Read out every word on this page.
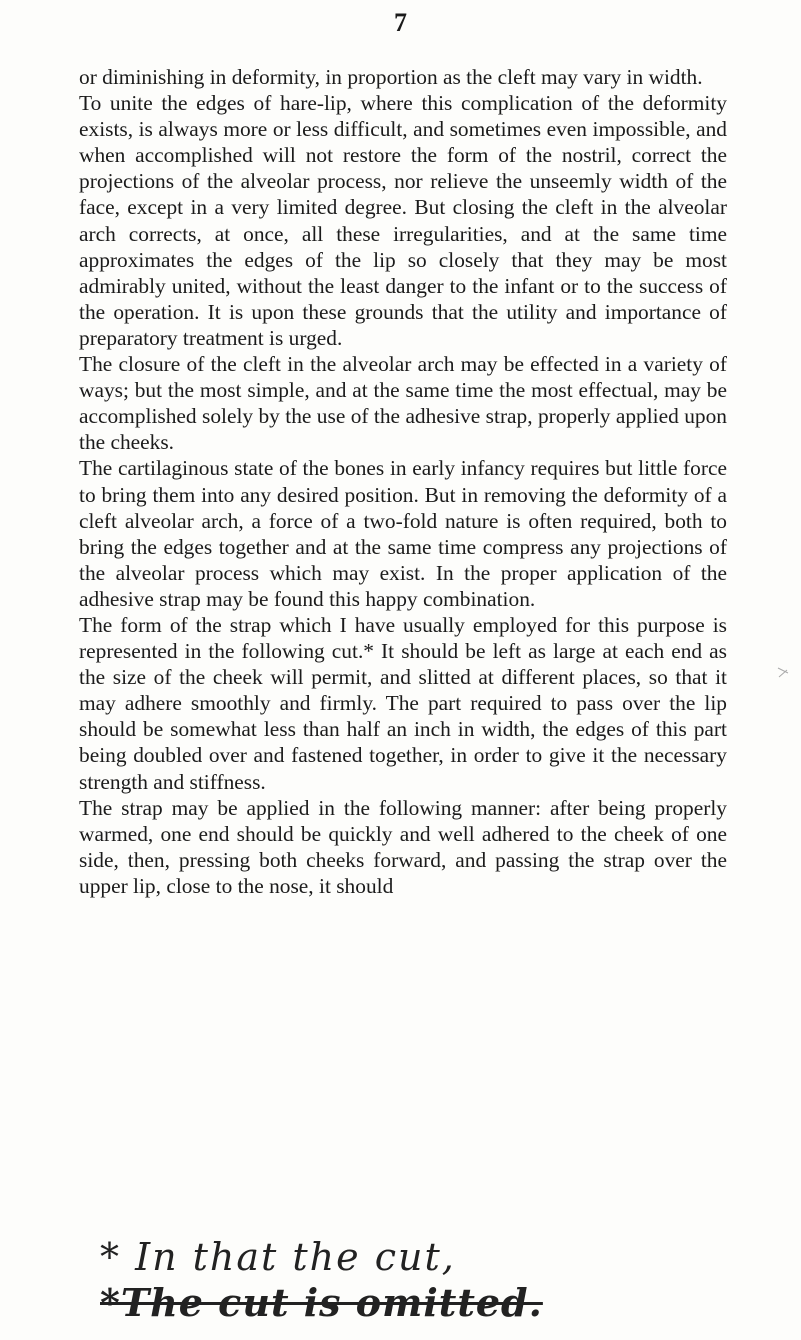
7

or diminishing in deformity, in proportion as the cleft may vary in width.

To unite the edges of hare-lip, where this complication of the deformity exists, is always more or less difficult, and sometimes even impossible, and when accomplished will not restore the form of the nostril, correct the projections of the alveolar process, nor relieve the unseemly width of the face, except in a very limited degree. But closing the cleft in the alveolar arch corrects, at once, all these irregularities, and at the same time approximates the edges of the lip so closely that they may be most admirably united, without the least danger to the infant or to the success of the operation. It is upon these grounds that the utility and importance of preparatory treatment is urged.

The closure of the cleft in the alveolar arch may be effected in a variety of ways; but the most simple, and at the same time the most effectual, may be accomplished solely by the use of the adhesive strap, properly applied upon the cheeks.

The cartilaginous state of the bones in early infancy requires but little force to bring them into any desired position. But in removing the deformity of a cleft alveolar arch, a force of a two-fold nature is often required, both to bring the edges together and at the same time compress any projections of the alveolar process which may exist. In the proper application of the adhesive strap may be found this happy combination.

The form of the strap which I have usually employed for this purpose is represented in the following cut.* It should be left as large at each end as the size of the cheek will permit, and slitted at different places, so that it may adhere smoothly and firmly. The part required to pass over the lip should be somewhat less than half an inch in width, the edges of this part being doubled over and fastened together, in order to give it the necessary strength and stiffness.

The strap may be applied in the following manner: after being properly warmed, one end should be quickly and well adhered to the cheek of one side, then, pressing both cheeks forward, and passing the strap over the upper lip, close to the nose, it should

* In that the cut,
*The cut is omitted.
